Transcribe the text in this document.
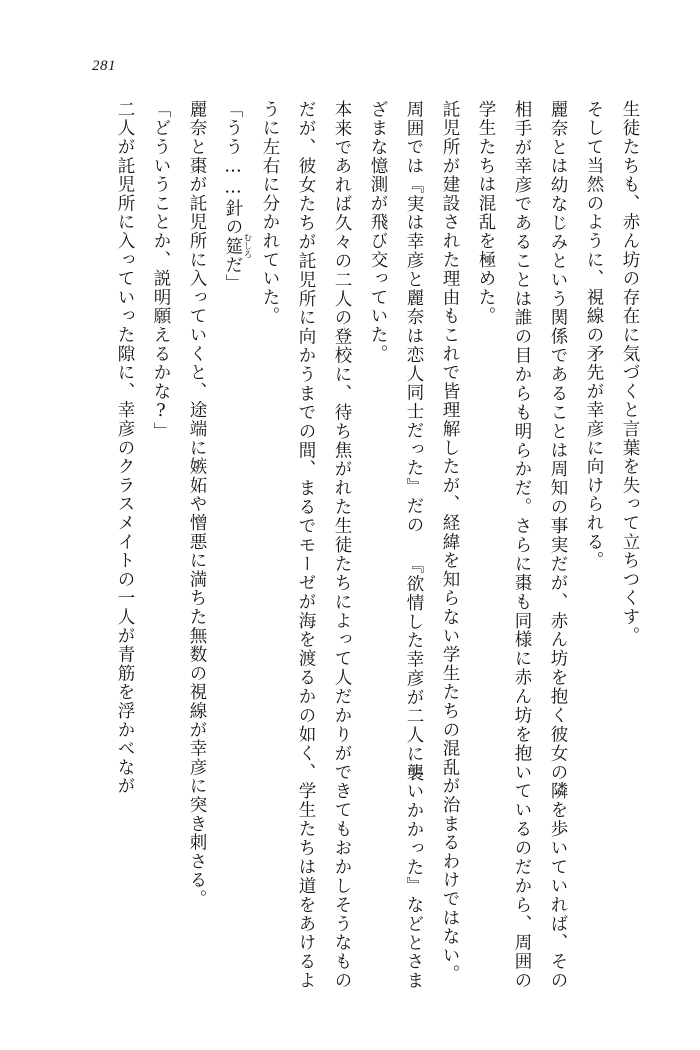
281

生徒たちも、赤ん坊の存在に気づくと言葉を失って立ちつくす。

そして当然のように、視線の矛先が幸彦に向けられる。

麗奈とは幼なじみという関係であることは周知の事実だが、赤ん坊を抱く彼女の隣を歩いていれば、その相手が幸彦であることは誰の目からも明らかだ。さらに棗も同様に赤ん坊を抱いているのだから、周囲の学生たちは混乱を極めた。

託児所が建設された理由もこれで皆理解したが、経緯を知らない学生たちの混乱が治まるわけではない。

周囲では『実は幸彦と麗奈は恋人同士だった』だの 『欲情した幸彦が二人に襲いかかった』などとさまざまな憶測が飛び交っていた。

本来であれば久々の二人の登校に、待ち焦がれた生徒たちによって人だかりができてもおかしそうなものだが、彼女たちが託児所に向かうまでの間、まるでモーゼが海を渡るかの如く、学生たちは道をあけるように左右に分かれていた。

「うう……針の筵 むしろだ」

麗奈と棗が託児所に入っていくと、途端に嫉妬や憎悪に満ちた無数の視線が幸彦に突き刺さる。

「どういうことか、説明願えるかな?」

二人が託児所に入っていった隙に、幸彦のクラスメイトの一人が青筋を浮かべなが
